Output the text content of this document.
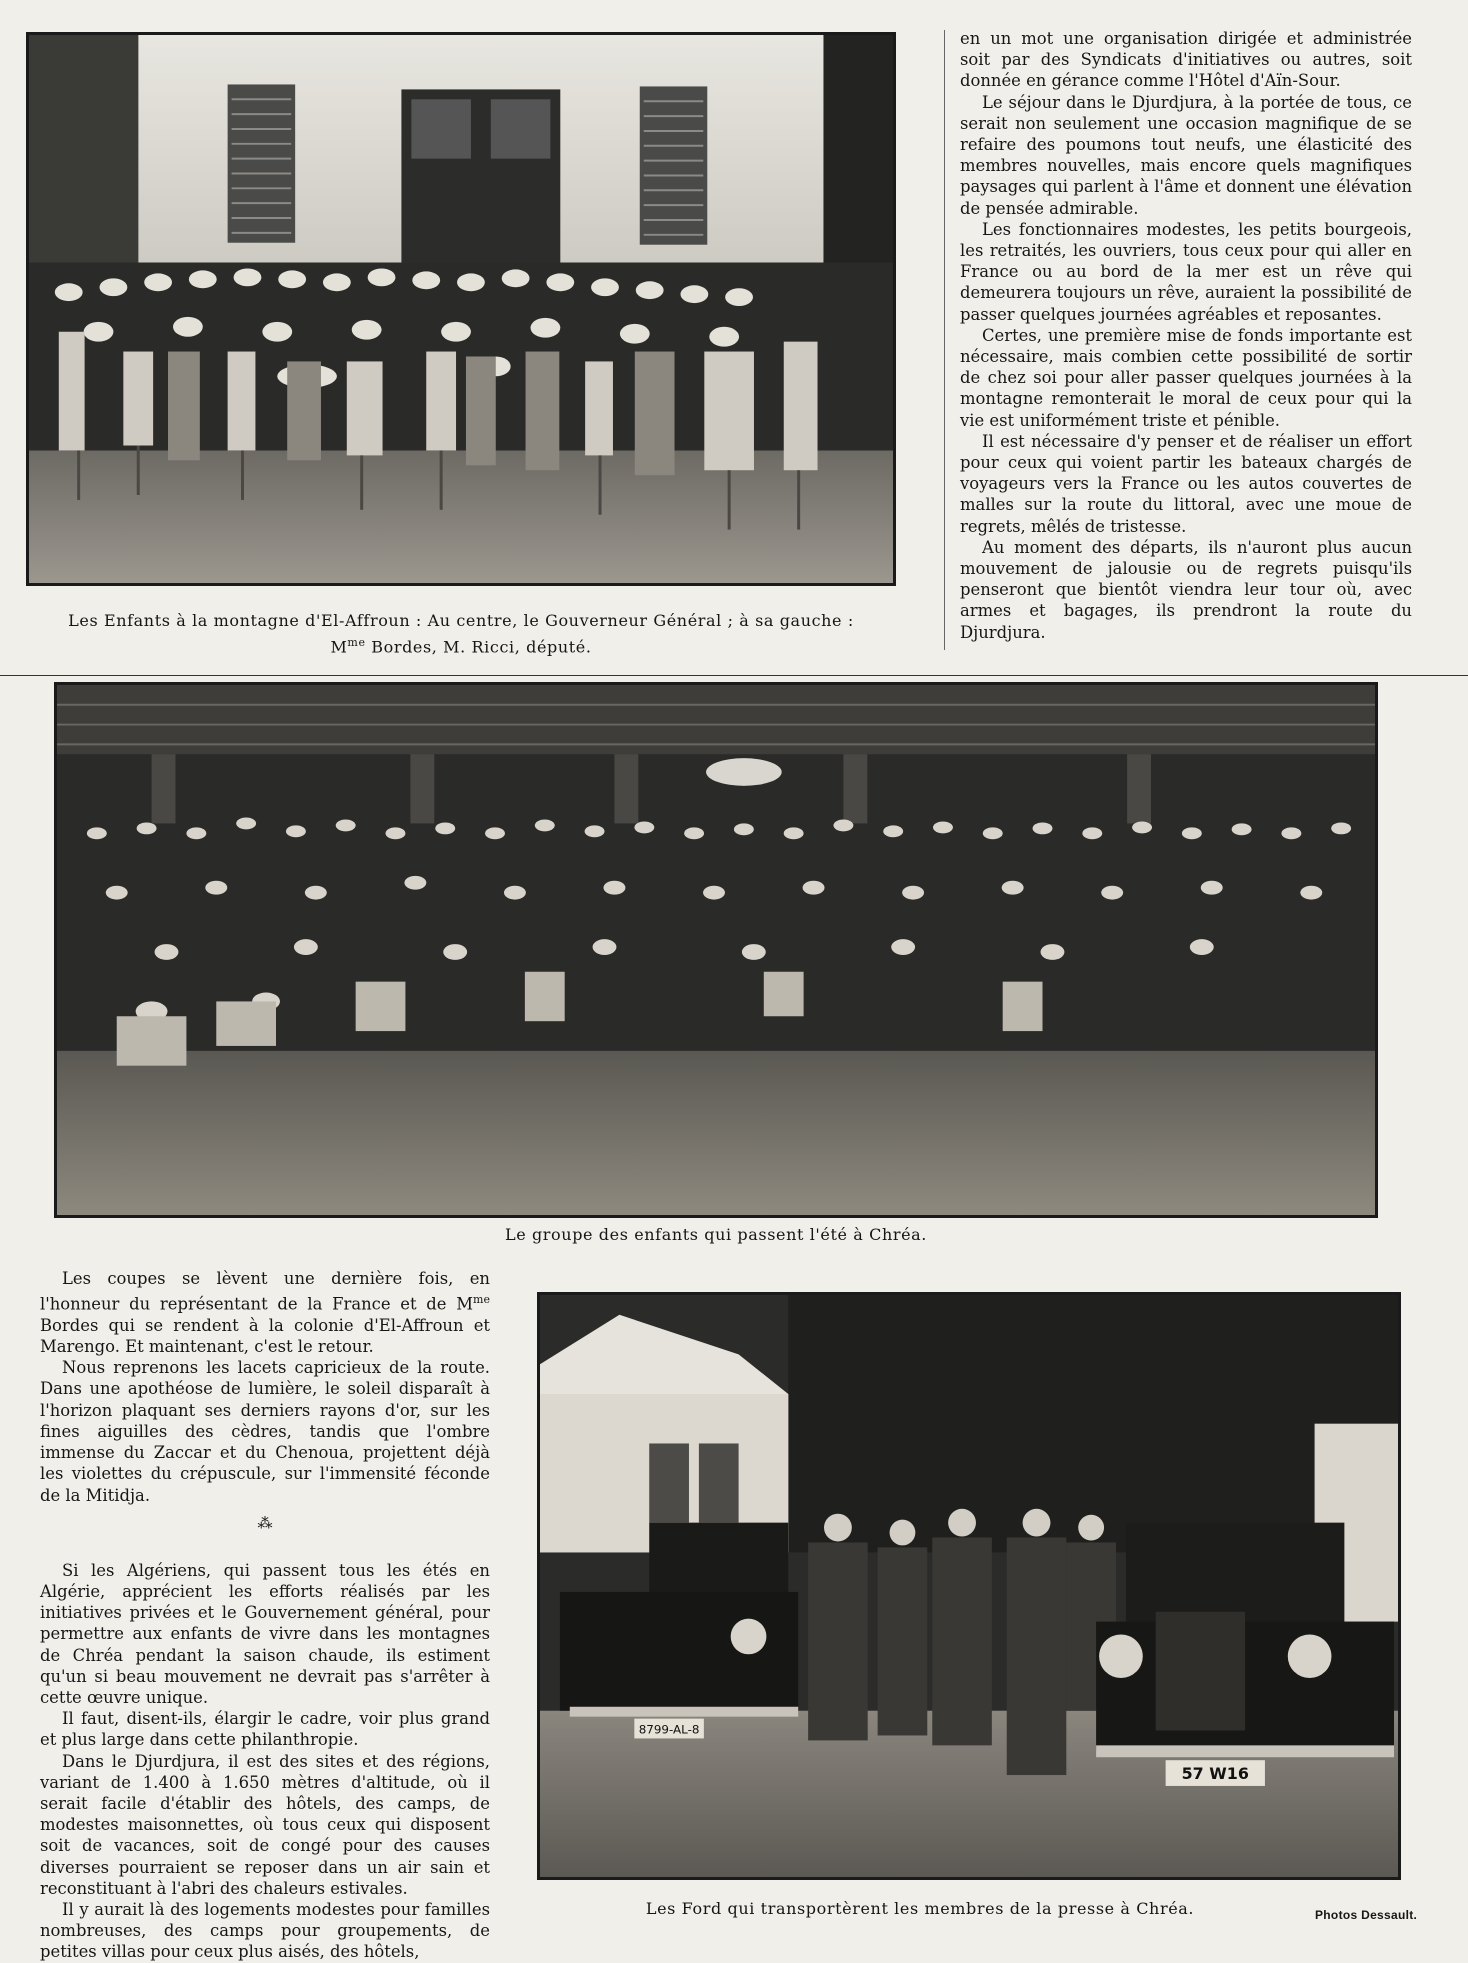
Les Enfants à la montagne d'El-Affroun : Au centre, le Gouverneur Général ; à sa gauche :
$M^{me}$ Bordes, M. Ricci, député.

en un mot une organisation dirigée et administrée soit par des Syndicats d'initiatives ou autres, soit donnée en gérance comme l'Hôtel d'Aïn-Sour.

Le séjour dans le Djurdjura, à la portée de tous, ce serait non seulement une occasion magnifique de se refaire des poumons tout neufs, une élasticité des membres nouvelles, mais encore quels magnifiques paysages qui parlent à l'âme et donnent une élévation de pensée admirable.

Les fonctionnaires modestes, les petits bourgeois, les retraités, les ouvriers, tous ceux pour qui aller en France ou au bord de la mer est un rêve qui demeurera toujours un rêve, auraient la possibilité de passer quelques journées agréables et reposantes.

Certes, une première mise de fonds importante est nécessaire, mais combien cette possibilité de sortir de chez soi pour aller passer quelques journées à la montagne remonterait le moral de ceux pour qui la vie est uniformément triste et pénible.

Il est nécessaire d'y penser et de réaliser un effort pour ceux qui voient partir les bateaux chargés de voyageurs vers la France ou les autos couvertes de malles sur la route du littoral, avec une moue de regrets, mêlés de tristesse.

Au moment des départs, ils n'auront plus aucun mouvement de jalousie ou de regrets puisqu'ils penseront que bientôt viendra leur tour où, avec armes et bagages, ils prendront la route du Djurdjura.

Le groupe des enfants qui passent l'été à Chréa.
8799-AL-8
57 W16
Les Ford qui transportèrent les membres de la presse à Chréa.	Photos Dessault.

Les coupes se lèvent une dernière fois, en l'honneur du représentant de la France et de $M^{me}$ Bordes qui se rendent à la colonie d'El-Affroun et Marengo. Et maintenant, c'est le retour.

Nous reprenons les lacets capricieux de la route. Dans une apothéose de lumière, le soleil disparaît à l'horizon plaquant ses derniers rayons d'or, sur les fines aiguilles des cèdres, tandis que l'ombre immense du Zaccar et du Chenoua, projettent déjà les violettes du crépuscule, sur l'immensité féconde de la Mitidja.

⁂

Si les Algériens, qui passent tous les étés en Algérie, apprécient les efforts réalisés par les initiatives privées et le Gouvernement général, pour permettre aux enfants de vivre dans les montagnes de Chréa pendant la saison chaude, ils estiment qu'un si beau mouvement ne devrait pas s'arrêter à cette œuvre unique.

Il faut, disent-ils, élargir le cadre, voir plus grand et plus large dans cette philanthropie.

Dans le Djurdjura, il est des sites et des régions, variant de 1.400 à 1.650 mètres d'altitude, où il serait facile d'établir des hôtels, des camps, de modestes maisonnettes, où tous ceux qui disposent soit de vacances, soit de congé pour des causes diverses pourraient se reposer dans un air sain et reconstituant à l'abri des chaleurs estivales.

Il y aurait là des logements modestes pour familles nombreuses, des camps pour groupements, de petites villas pour ceux plus aisés, des hôtels,
